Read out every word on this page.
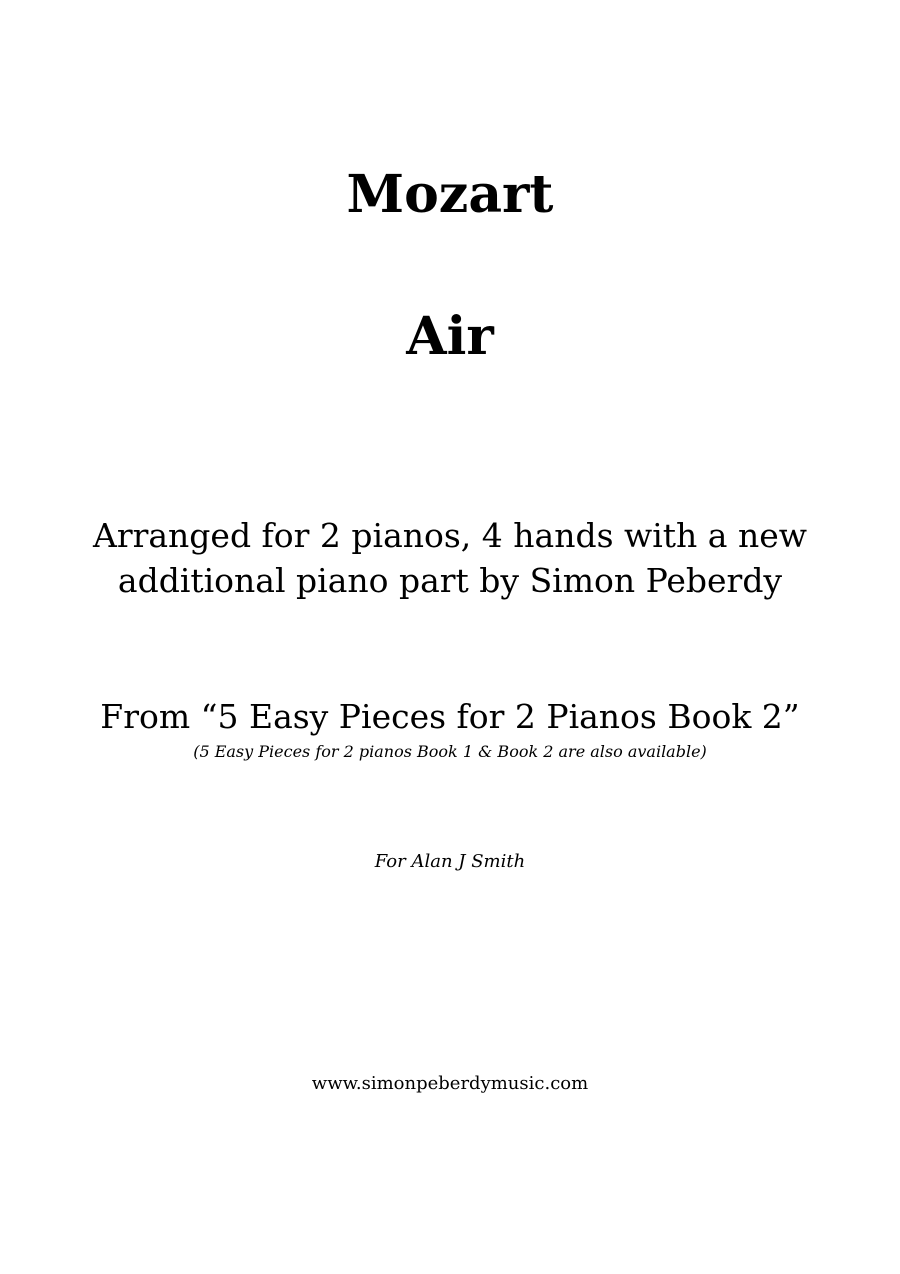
Mozart
Air
Arranged for 2 pianos, 4 hands with a new
additional piano part by Simon Peberdy
From “5 Easy Pieces for 2 Pianos Book 2”
(5 Easy Pieces for 2 pianos Book 1 & Book 2 are also available)
For Alan J Smith
www.simonpeberdymusic.com
